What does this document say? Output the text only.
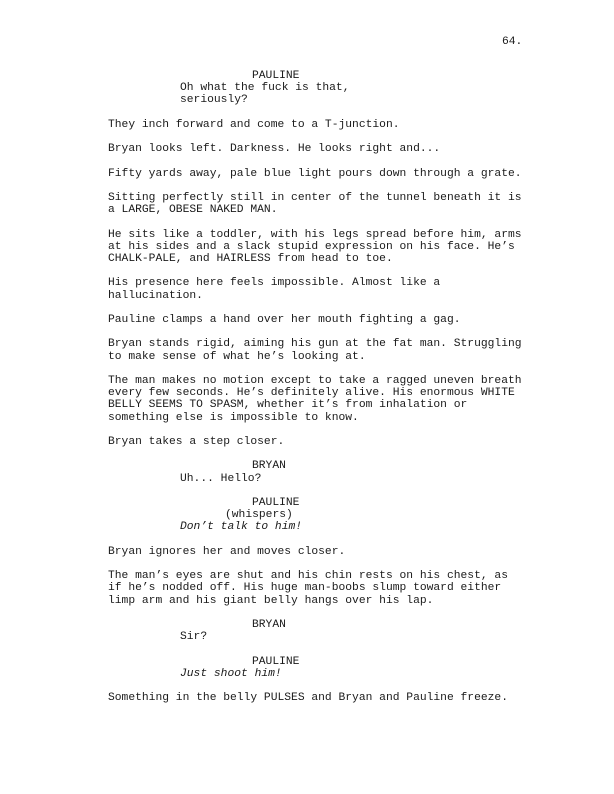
64.
PAULINE
Oh what the fuck is that,
seriously?
They inch forward and come to a T-junction.
Bryan looks left. Darkness. He looks right and...
Fifty yards away, pale blue light pours down through a grate.
Sitting perfectly still in center of the tunnel beneath it is
a LARGE, OBESE NAKED MAN.
He sits like a toddler, with his legs spread before him, arms
at his sides and a slack stupid expression on his face. He’s
CHALK-PALE, and HAIRLESS from head to toe.
His presence here feels impossible. Almost like a
hallucination.
Pauline clamps a hand over her mouth fighting a gag.
Bryan stands rigid, aiming his gun at the fat man. Struggling
to make sense of what he’s looking at.
The man makes no motion except to take a ragged uneven breath
every few seconds. He’s definitely alive. His enormous WHITE
BELLY SEEMS TO SPASM, whether it’s from inhalation or
something else is impossible to know.
Bryan takes a step closer.
BRYAN
Uh... Hello?
PAULINE
(whispers)
Don’t talk to him!
Bryan ignores her and moves closer.
The man’s eyes are shut and his chin rests on his chest, as
if he’s nodded off. His huge man-boobs slump toward either
limp arm and his giant belly hangs over his lap.
BRYAN
Sir?
PAULINE
Just shoot him!
Something in the belly PULSES and Bryan and Pauline freeze.
